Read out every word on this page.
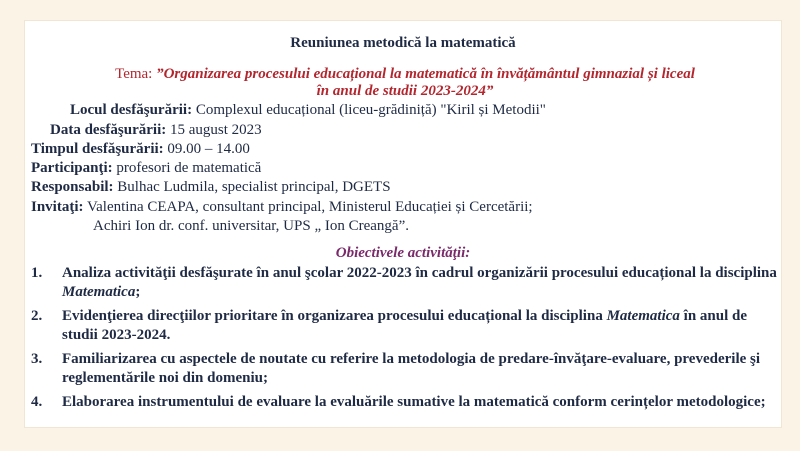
Reuniunea metodică la matematică
Tema: ”Organizarea procesului educațional la matematică în învățământul gimnazial și liceal
în anul de studii 2023-2024”
Locul desfăşurării: Complexul educațional (liceu-grădiniță) "Kiril și Metodii"
Data desfăşurării: 15 august 2023
Timpul desfăşurării: 09.00 – 14.00
Participanţi: profesori de matematică
Responsabil: Bulhac Ludmila, specialist principal, DGETS
Invitaţi: Valentina CEAPA, consultant principal, Ministerul Educației și Cercetării;
Achiri Ion dr. conf. universitar, UPS „ Ion Creangă”.
Obiectivele activităţii:
1.	Analiza activităţii desfăşurate în anul şcolar 2022-2023 în cadrul organizării procesului educațional la disciplina Matematica;
2.	Evidenţierea direcţiilor prioritare în organizarea procesului educațional la disciplina Matematica în anul de studii 2023-2024.
3.	Familiarizarea cu aspectele de noutate cu referire la metodologia de predare-învăţare-evaluare, prevederile şi reglementările noi din domeniu;
4.	Elaborarea instrumentului de evaluare la evaluările sumative la matematică conform cerințelor metodologice;
